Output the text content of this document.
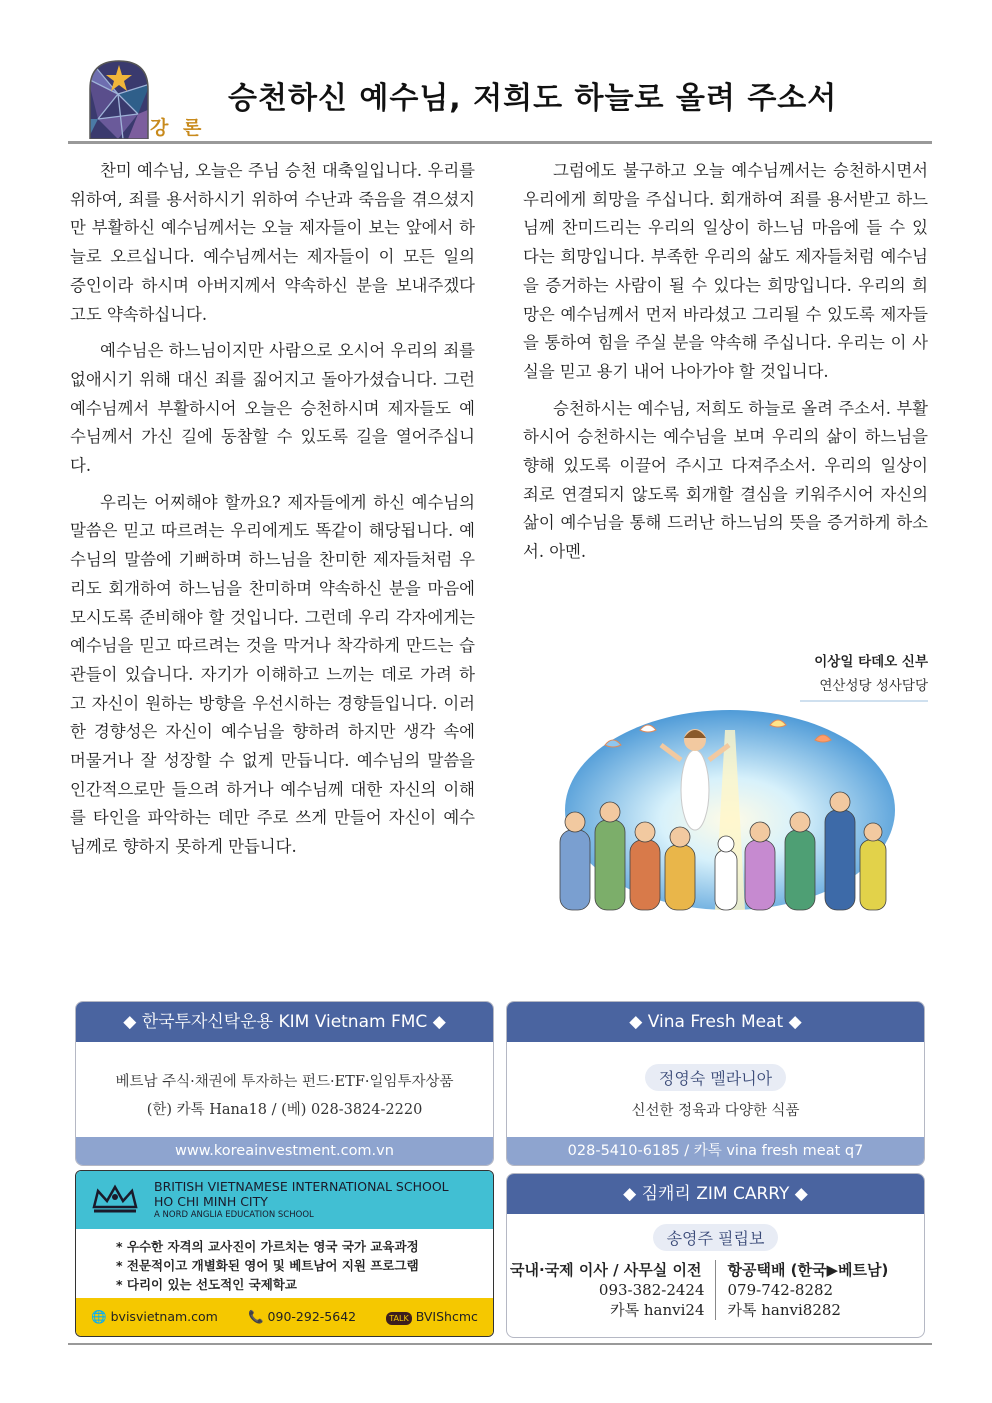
강 론
승천하신 예수님, 저희도 하늘로 올려 주소서

찬미 예수님, 오늘은 주님 승천 대축일입니다. 우리를 위하여, 죄를 용서하시기 위하여 수난과 죽음을 겪으셨지만 부활하신 예수님께서는 오늘 제자들이 보는 앞에서 하늘로 오르십니다. 예수님께서는 제자들이 이 모든 일의 증인이라 하시며 아버지께서 약속하신 분을 보내주겠다고도 약속하십니다.

예수님은 하느님이지만 사람으로 오시어 우리의 죄를 없애시기 위해 대신 죄를 짊어지고 돌아가셨습니다. 그런 예수님께서 부활하시어 오늘은 승천하시며 제자들도 예수님께서 가신 길에 동참할 수 있도록 길을 열어주십니다.

우리는 어찌해야 할까요? 제자들에게 하신 예수님의 말씀은 믿고 따르려는 우리에게도 똑같이 해당됩니다. 예수님의 말씀에 기뻐하며 하느님을 찬미한 제자들처럼 우리도 회개하여 하느님을 찬미하며 약속하신 분을 마음에 모시도록 준비해야 할 것입니다. 그런데 우리 각자에게는 예수님을 믿고 따르려는 것을 막거나 착각하게 만드는 습관들이 있습니다. 자기가 이해하고 느끼는 데로 가려 하고 자신이 원하는 방향을 우선시하는 경향들입니다. 이러한 경향성은 자신이 예수님을 향하려 하지만 생각 속에 머물거나 잘 성장할 수 없게 만듭니다. 예수님의 말씀을 인간적으로만 들으려 하거나 예수님께 대한 자신의 이해를 타인을 파악하는 데만 주로 쓰게 만들어 자신이 예수님께로 향하지 못하게 만듭니다.

그럼에도 불구하고 오늘 예수님께서는 승천하시면서 우리에게 희망을 주십니다. 회개하여 죄를 용서받고 하느님께 찬미드리는 우리의 일상이 하느님 마음에 들 수 있다는 희망입니다. 부족한 우리의 삶도 제자들처럼 예수님을 증거하는 사람이 될 수 있다는 희망입니다. 우리의 희망은 예수님께서 먼저 바라셨고 그리될 수 있도록 제자들을 통하여 힘을 주실 분을 약속해 주십니다. 우리는 이 사실을 믿고 용기 내어 나아가야 할 것입니다.

승천하시는 예수님, 저희도 하늘로 올려 주소서. 부활하시어 승천하시는 예수님을 보며 우리의 삶이 하느님을 향해 있도록 이끌어 주시고 다져주소서. 우리의 일상이 죄로 연결되지 않도록 회개할 결심을 키워주시어 자신의 삶이 예수님을 통해 드러난 하느님의 뜻을 증거하게 하소서. 아멘.

이상일 타데오 신부
연산성당 성사담당
◆ 한국투자신탁운용 KIM Vietnam FMC ◆
베트남 주식·채권에 투자하는 펀드·ETF·일임투자상품
(한) 카톡 Hana18 / (베) 028-3824-2220
www.koreainvestment.com.vn
◆ Vina Fresh Meat ◆
정영숙 멜라니아
신선한 정육과 다양한 식품
028-5410-6185 / 카톡 vina fresh meat q7
BRITISH VIETNAMESE INTERNATIONAL SCHOOL
HO CHI MINH CITY
A NORD ANGLIA EDUCATION SCHOOL
* 우수한 자격의 교사진이 가르치는 영국 국가 교육과정
* 전문적이고 개별화된 영어 및 베트남어 지원 프로그램
* 다리이 있는 선도적인 국제학교
🌐 bvisvietnam.com 📞 090-292-5642	TALK BVIShcmc
◆ 짐캐리 ZIM CARRY ◆
송영주 필립보
국내·국제 이사 / 사무실 이전
093-382-2424
카톡 hanvi24
항공택배 (한국▶베트남)
079-742-8282
카톡 hanvi8282
